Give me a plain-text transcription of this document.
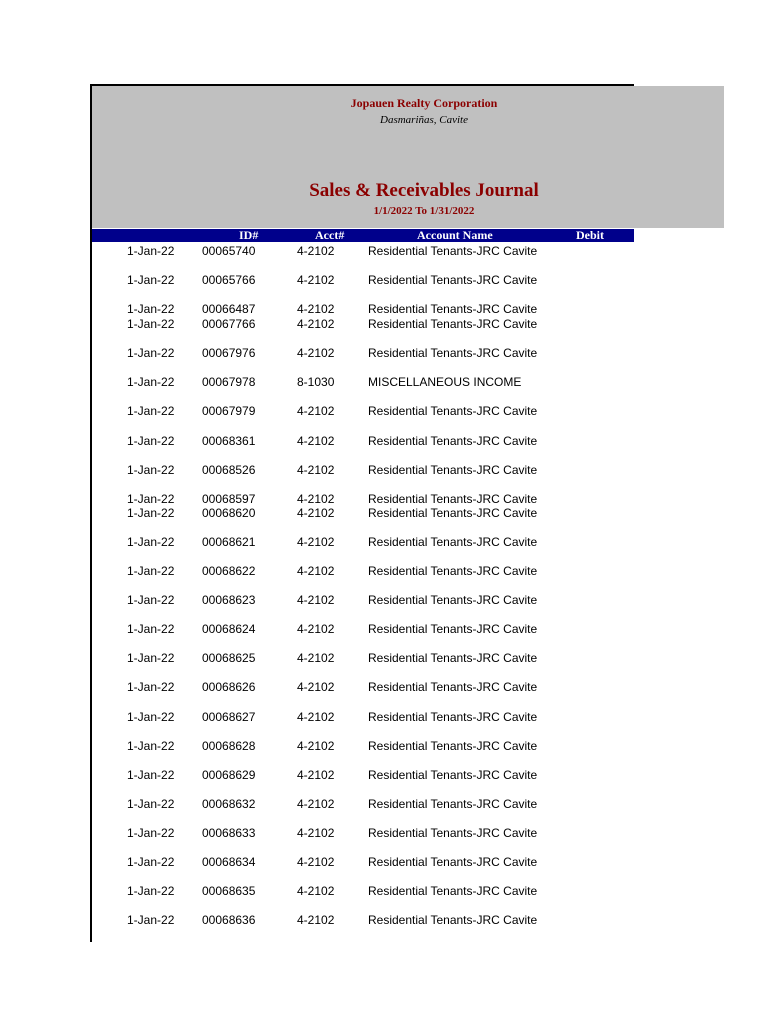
Jopauen Realty Corporation
Dasmariñas, Cavite
Sales & Receivables Journal
1/1/2022 To 1/31/2022
ID#	Acct#	Account Name	Debit
1-Jan-22 00065740	4-2102	Residential Tenants-JRC Cavite
1-Jan-22 00065766	4-2102	Residential Tenants-JRC Cavite
1-Jan-22 00066487	4-2102	Residential Tenants-JRC Cavite
1-Jan-22 00067766	4-2102	Residential Tenants-JRC Cavite
1-Jan-22 00067976	4-2102	Residential Tenants-JRC Cavite
1-Jan-22 00067978	8-1030	MISCELLANEOUS INCOME
1-Jan-22 00067979	4-2102	Residential Tenants-JRC Cavite
1-Jan-22 00068361	4-2102	Residential Tenants-JRC Cavite
1-Jan-22 00068526	4-2102	Residential Tenants-JRC Cavite
1-Jan-22 00068597	4-2102	Residential Tenants-JRC Cavite
1-Jan-22 00068620	4-2102	Residential Tenants-JRC Cavite
1-Jan-22 00068621	4-2102	Residential Tenants-JRC Cavite
1-Jan-22 00068622	4-2102	Residential Tenants-JRC Cavite
1-Jan-22 00068623	4-2102	Residential Tenants-JRC Cavite
1-Jan-22 00068624	4-2102	Residential Tenants-JRC Cavite
1-Jan-22 00068625	4-2102	Residential Tenants-JRC Cavite
1-Jan-22 00068626	4-2102	Residential Tenants-JRC Cavite
1-Jan-22 00068627	4-2102	Residential Tenants-JRC Cavite
1-Jan-22 00068628	4-2102	Residential Tenants-JRC Cavite
1-Jan-22 00068629	4-2102	Residential Tenants-JRC Cavite
1-Jan-22 00068632	4-2102	Residential Tenants-JRC Cavite
1-Jan-22 00068633	4-2102	Residential Tenants-JRC Cavite
1-Jan-22 00068634	4-2102	Residential Tenants-JRC Cavite
1-Jan-22 00068635	4-2102	Residential Tenants-JRC Cavite
1-Jan-22 00068636	4-2102	Residential Tenants-JRC Cavite
